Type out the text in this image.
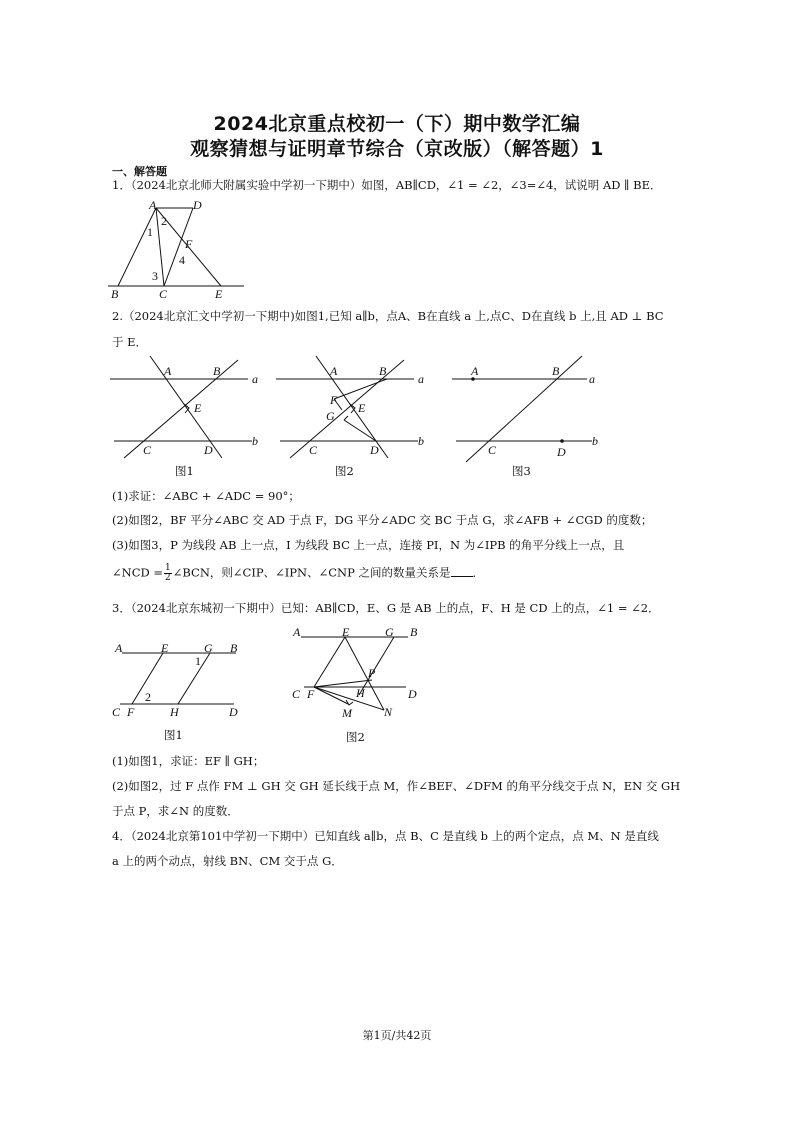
2024北京重点校初一（下）期中数学汇编
观察猜想与证明章节综合（京改版）（解答题）1
一、解答题
1．（2024北京北师大附属实验中学初一下期中）如图，AB∥CD，∠1 = ∠2，∠3=∠4，试说明 AD ∥ BE．
A	D
2
1
F
4
3
B	C	E
2.（2024北京汇文中学初一下期中)如图1,已知 a∥b，点A、B在直线 a 上,点C、D在直线 b 上,且 AD ⊥ BC
于 E．
A	B
a
E
C	D
b
图1
A	B
a
F
E
G
C	D
b
图2
A	B
a
C	D
b
图3
(1)求证：∠ABC + ∠ADC = 90°；
(2)如图2，BF 平分∠ABC 交 AD 于点 F，DG 平分∠ADC 交 BC 于点 G，求∠AFB + ∠CGD 的度数；
(3)如图3，P 为线段 AB 上一点，I 为线段 BC 上一点，连接 PI，N 为∠IPB 的角平分线上一点，且
∠NCD = $\frac{1}{2}$ ∠BCN，则∠CIP、∠IPN、∠CNP 之间的数量关系是 ．
3．（2024北京东城初一下期中）已知：AB∥CD，E、G 是 AB 上的点，F、H 是 CD 上的点，∠1 = ∠2．
A	E	G B
1
2
C F	H	D
图1
A	E	G B
P
C F	H	D
M	N
图2
(1)如图1，求证：EF ∥ GH；
(2)如图2，过 F 点作 FM ⊥ GH 交 GH 延长线于点 M，作∠BEF、∠DFM 的角平分线交于点 N，EN 交 GH
于点 P，求∠N 的度数．
4．（2024北京第101中学初一下期中）已知直线 a∥b，点 B、C 是直线 b 上的两个定点，点 M、N 是直线
a 上的两个动点，射线 BN、CM 交于点 G．
第1页/共42页
